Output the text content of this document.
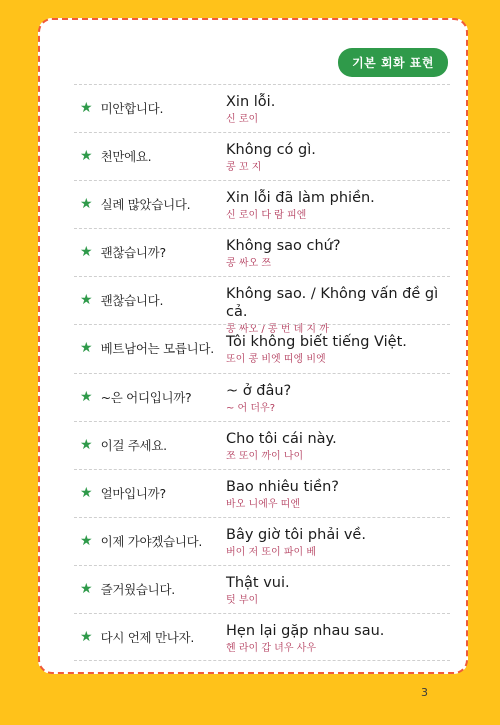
기본 회화 표현
★ 미안합니다.	Xin lỗi.
신 로이
★ 천만에요.	Không có gì.
콩 꼬 지
★ 실례 많았습니다. Xin lỗi đã làm phiền.
신 로이 다 람 피엔
★ 괜찮습니까?	Không sao chứ?
콩 싸오 쯔
★ 괜찮습니다.	Không sao. / Không vấn đề gì cả.
콩 싸오 / 콩 번 데 지 까
★ 베트남어는 모릅니다. Tôi không biết tiếng Việt.
또이 콩 비엣 띠엥 비엣
★ ~은 어디입니까? ~ ở đâu?
~ 어 더우?
★ 이걸 주세요.	Cho tôi cái này.
쪼 또이 까이 나이
★ 얼마입니까?	Bao nhiêu tiền?
바오 니에우 띠엔
★ 이제 가야겠습니다. Bây giờ tôi phải về.
버이 저 또이 파이 베
★ 즐거웠습니다.	Thật vui.
텃 부이
★ 다시 언제 만나자. Hẹn lại gặp nhau sau.
헨 라이 갑 녀우 사우
3
